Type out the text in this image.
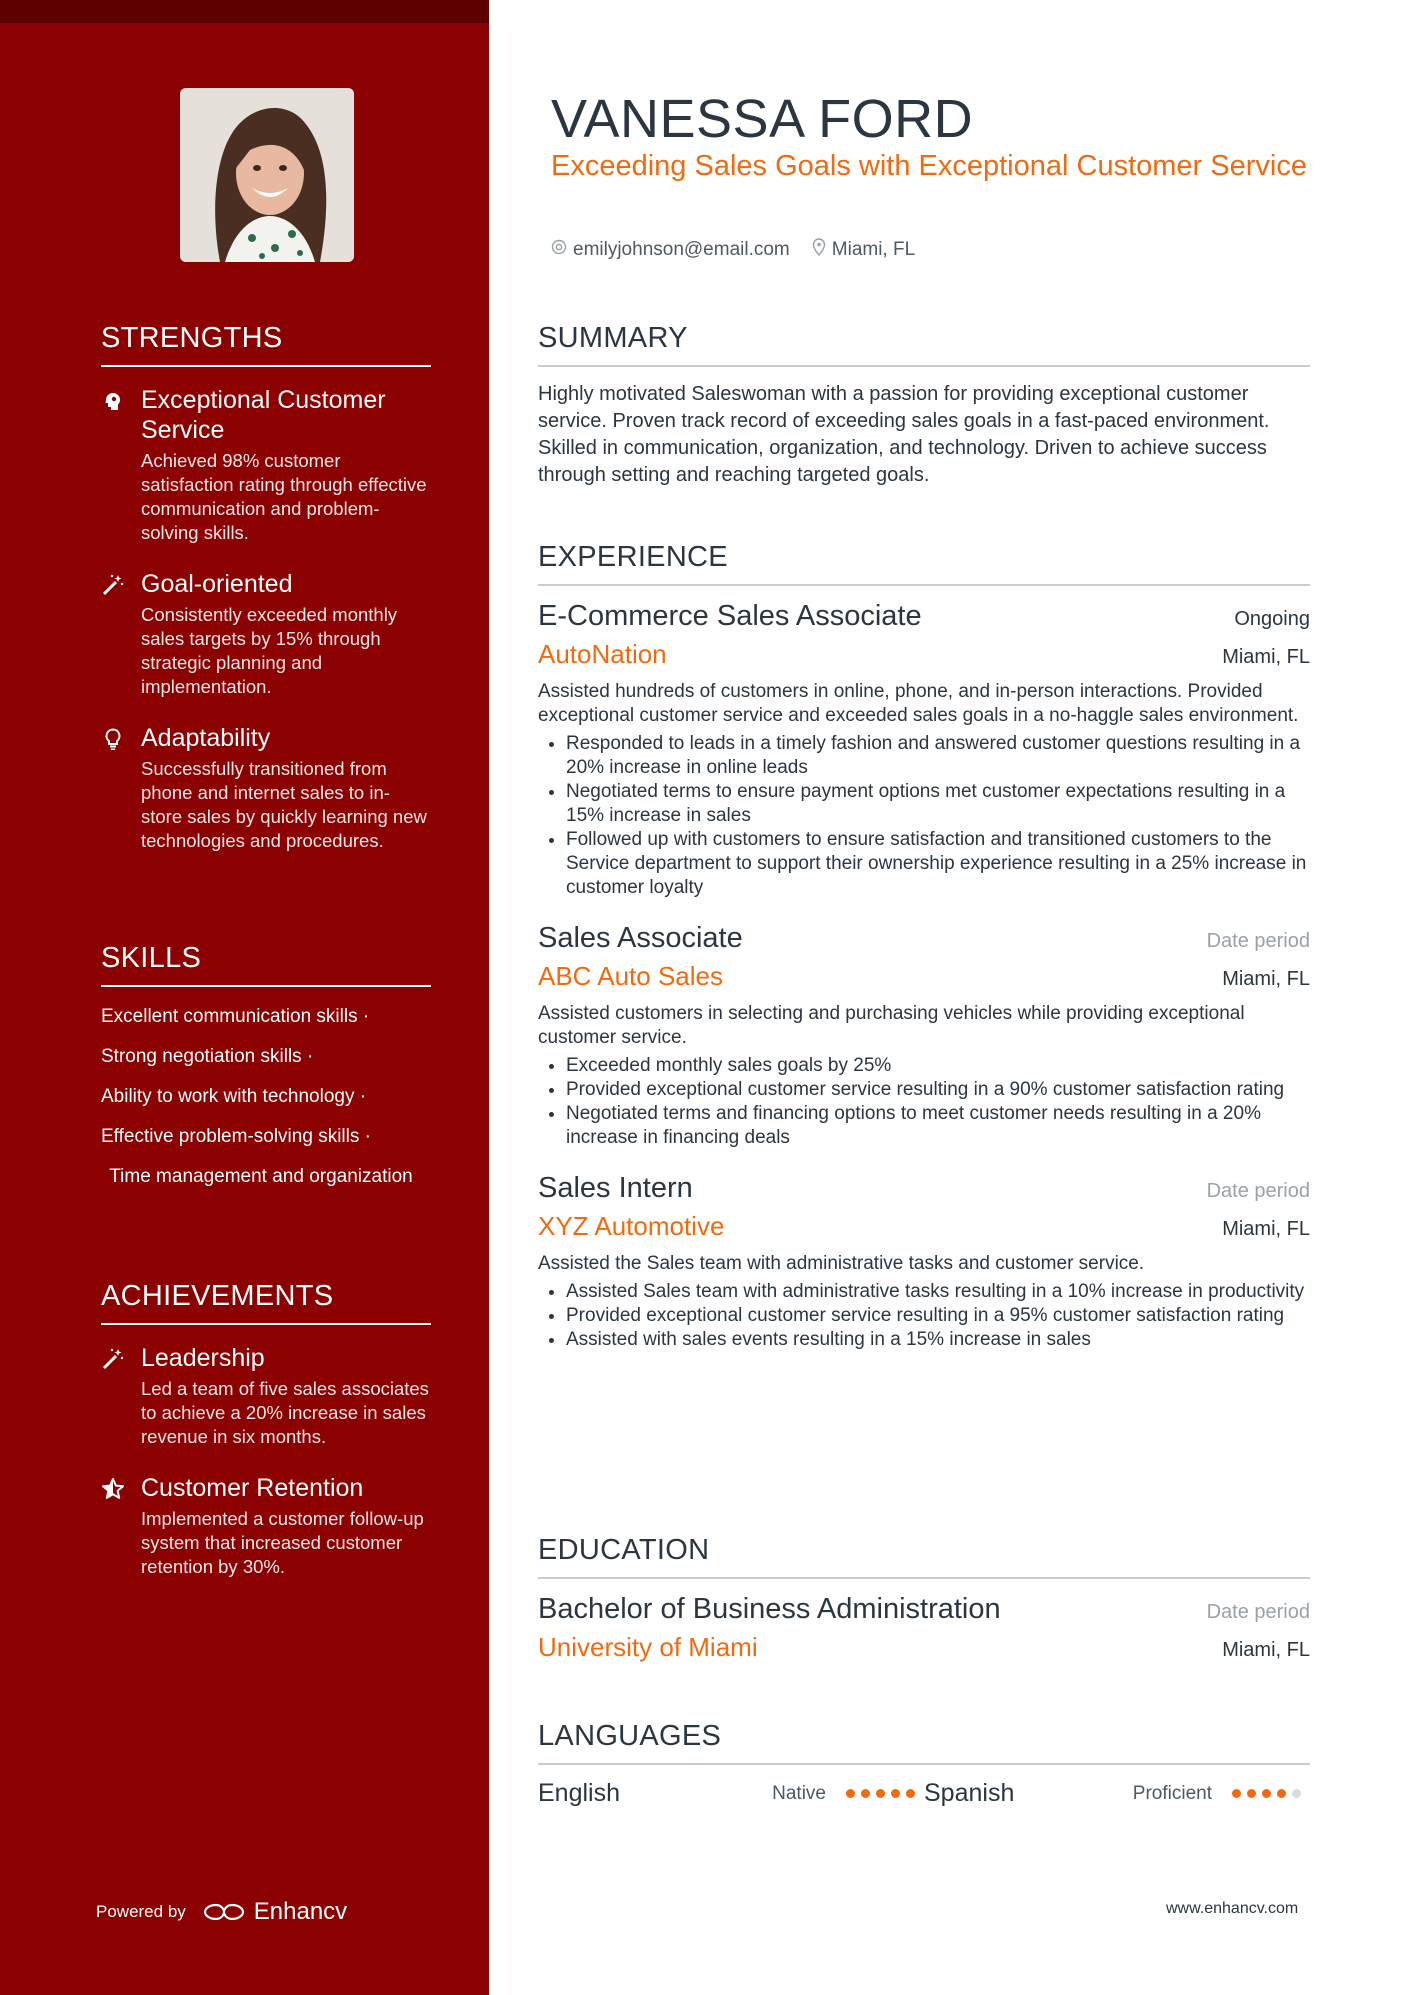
STRENGTHS
Exceptional Customer Service
Achieved 98% customer satisfaction rating through effective communication and problem-solving skills.
Goal-oriented
Consistently exceeded monthly sales targets by 15% through strategic planning and implementation.
Adaptability
Successfully transitioned from phone and internet sales to in-store sales by quickly learning new technologies and procedures.
SKILLS
Excellent communication skills ·
Strong negotiation skills ·
Ability to work with technology ·
Effective problem-solving skills ·
Time management and organization
ACHIEVEMENTS
Leadership
Led a team of five sales associates to achieve a 20% increase in sales revenue in six months.
Customer Retention
Implemented a customer follow-up system that increased customer retention by 30%.
Powered by	Enhancv
VANESSA FORD
Exceeding Sales Goals with Exceptional Customer Service
emilyjohnson@email.com Miami, FL
SUMMARY
Highly motivated Saleswoman with a passion for providing exceptional customer service. Proven track record of exceeding sales goals in a fast-paced environment. Skilled in communication, organization, and technology. Driven to achieve success through setting and reaching targeted goals.
EXPERIENCE
E-Commerce Sales Associate	Ongoing
AutoNation	Miami, FL
Assisted hundreds of customers in online, phone, and in-person interactions. Provided exceptional customer service and exceeded sales goals in a no-haggle sales environment.
• Responded to leads in a timely fashion and answered customer questions resulting in a 20% increase in online leads
• Negotiated terms to ensure payment options met customer expectations resulting in a 15% increase in sales
• Followed up with customers to ensure satisfaction and transitioned customers to the Service department to support their ownership experience resulting in a 25% increase in customer loyalty
Sales Associate	Date period
ABC Auto Sales	Miami, FL
Assisted customers in selecting and purchasing vehicles while providing exceptional customer service.
• Exceeded monthly sales goals by 25%
• Provided exceptional customer service resulting in a 90% customer satisfaction rating
• Negotiated terms and financing options to meet customer needs resulting in a 20% increase in financing deals
Sales Intern	Date period
XYZ Automotive	Miami, FL
Assisted the Sales team with administrative tasks and customer service.
• Assisted Sales team with administrative tasks resulting in a 10% increase in productivity
• Provided exceptional customer service resulting in a 95% customer satisfaction rating
• Assisted with sales events resulting in a 15% increase in sales
EDUCATION
Bachelor of Business Administration	Date period
University of Miami	Miami, FL
LANGUAGES
English	Native	Spanish	Proficient
www.enhancv.com
